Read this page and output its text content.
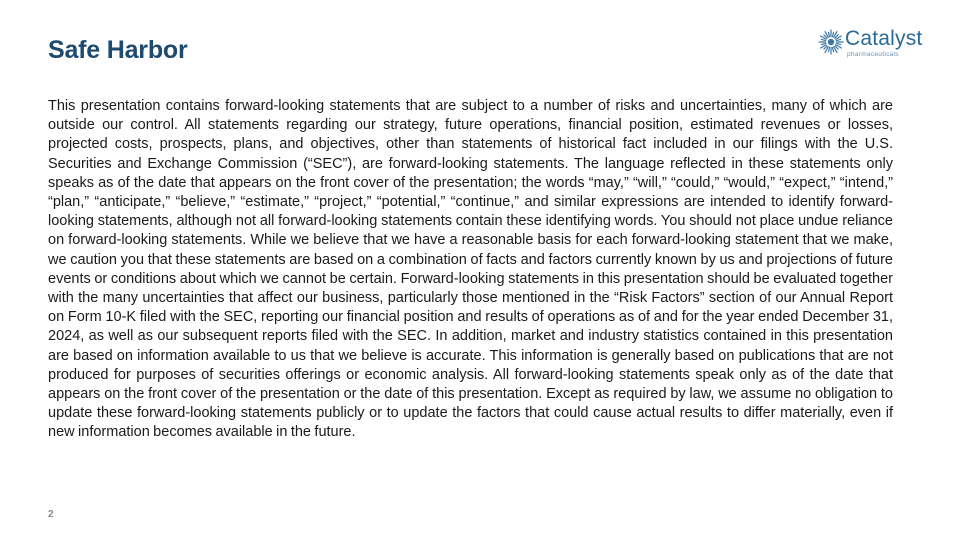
Safe Harbor	Catalyst
pharmaceuticals

This presentation contains forward-looking statements that are subject to a number of risks and uncertainties, many of which are outside our control. All statements regarding our strategy, future operations, financial position, estimated revenues or losses, projected costs, prospects, plans, and objectives, other than statements of historical fact included in our filings with the U.S. Securities and Exchange Commission (“SEC”), are forward-looking statements. The language reflected in these statements only speaks as of the date that appears on the front cover of the presentation; the words “may,” “will,” “could,” “would,” “expect,” “intend,” “plan,” “anticipate,” “believe,” “estimate,” “project,” “potential,” “continue,” and similar expressions are intended to identify forward-looking statements, although not all forward-looking statements contain these identifying words. You should not place undue reliance on forward-looking statements. While we believe that we have a reasonable basis for each forward-looking statement that we make, we caution you that these statements are based on a combination of facts and factors currently known by us and projections of future events or conditions about which we cannot be certain. Forward-looking statements in this presentation should be evaluated together with the many uncertainties that affect our business, particularly those mentioned in the “Risk Factors” section of our Annual Report on Form 10-K filed with the SEC, reporting our financial position and results of operations as of and for the year ended December 31, 2024, as well as our subsequent reports filed with the SEC. In addition, market and industry statistics contained in this presentation are based on information available to us that we believe is accurate. This information is generally based on publications that are not produced for purposes of securities offerings or economic analysis. All forward-looking statements speak only as of the date that appears on the front cover of the presentation or the date of this presentation. Except as required by law, we assume no obligation to update these forward-looking statements publicly or to update the factors that could cause actual results to differ materially, even if new information becomes available in the future.

2
